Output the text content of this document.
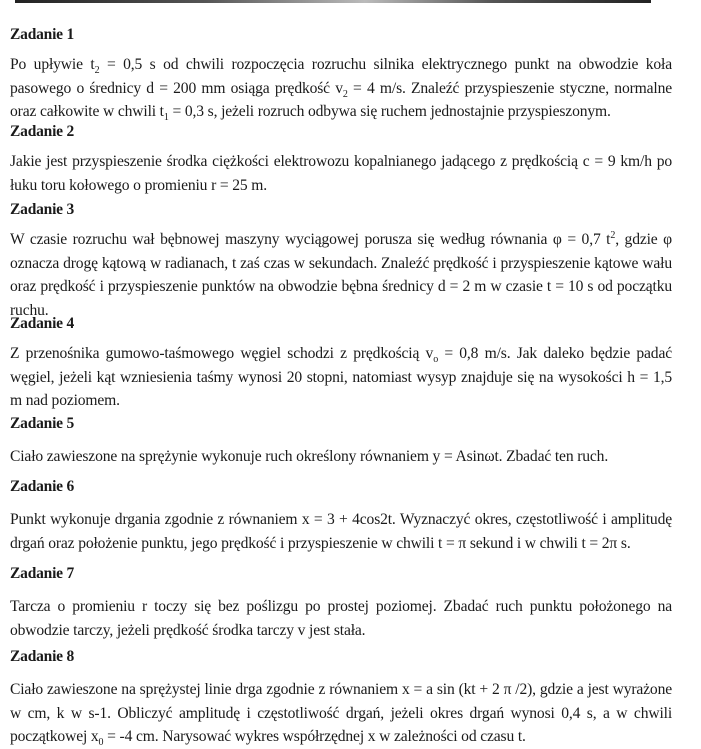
Zadanie 1

Po upływie $t_2 = 0,5$ s od chwili rozpoczęcia rozruchu silnika elektrycznego punkt na obwodzie koła pasowego o średnicy d = 200 mm osiąga prędkość $v_2 = 4$ m/s. Znaleźć przyspieszenie styczne, normalne oraz całkowite w chwili $t_1 = 0,3$ s, jeżeli rozruch odbywa się ruchem jednostajnie przyspieszonym.

Zadanie 2

Jakie jest przyspieszenie środka ciężkości elektrowozu kopalnianego jadącego z prędkością c = 9 km/h po łuku toru kołowego o promieniu r = 25 m.

Zadanie 3

W czasie rozruchu wał bębnowej maszyny wyciągowej porusza się według równania φ = 0,7 $t^2$, gdzie φ oznacza drogę kątową w radianach, t zaś czas w sekundach. Znaleźć prędkość i przyspieszenie kątowe wału oraz prędkość i przyspieszenie punktów na obwodzie bębna średnicy d = 2 m w czasie t = 10 s od początku ruchu.

Zadanie 4

Z przenośnika gumowo-taśmowego węgiel schodzi z prędkością $v_o = 0,8$ m/s. Jak daleko będzie padać węgiel, jeżeli kąt wzniesienia taśmy wynosi 20 stopni, natomiast wysyp znajduje się na wysokości h = 1,5 m nad poziomem.

Zadanie 5

Ciało zawieszone na sprężynie wykonuje ruch określony równaniem y = Asinωt. Zbadać ten ruch.

Zadanie 6

Punkt wykonuje drgania zgodnie z równaniem x = 3 + 4cos2t. Wyznaczyć okres, częstotliwość i amplitudę drgań oraz położenie punktu, jego prędkość i przyspieszenie w chwili t = π sekund i w chwili t = 2π s.

Zadanie 7

Tarcza o promieniu r toczy się bez poślizgu po prostej poziomej. Zbadać ruch punktu położonego na obwodzie tarczy, jeżeli prędkość środka tarczy v jest stała.

Zadanie 8

Ciało zawieszone na sprężystej linie drga zgodnie z równaniem x = a sin (kt + 2 π /2), gdzie a jest wyrażone w cm, k w s-1. Obliczyć amplitudę i częstotliwość drgań, jeżeli okres drgań wynosi 0,4 s, a w chwili początkowej $x_0 = -4$ cm. Narysować wykres współrzędnej x w zależności od czasu t.
